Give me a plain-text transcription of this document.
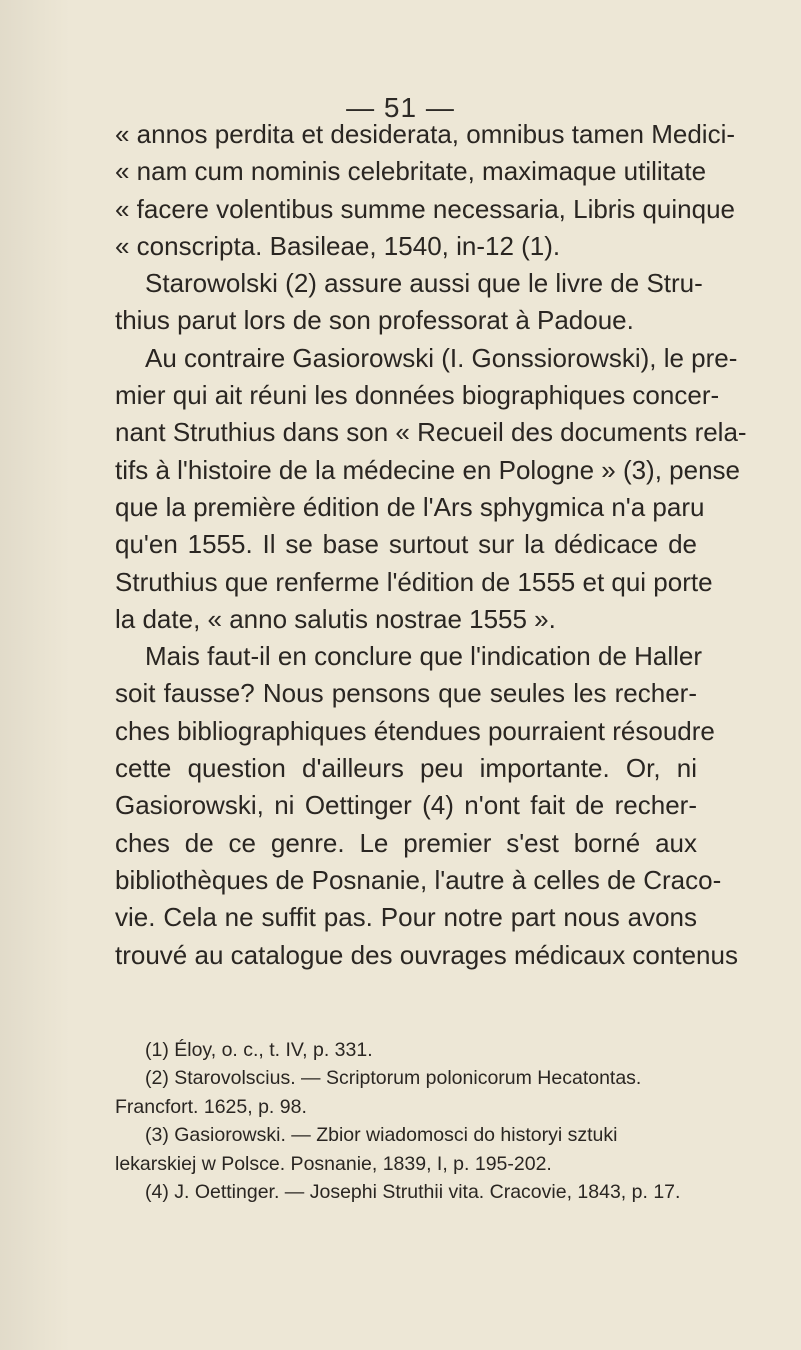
— 51 —
« annos perdita et desiderata, omnibus tamen Medici-
« nam cum nominis celebritate, maximaque utilitate
« facere volentibus summe necessaria, Libris quinque
« conscripta. Basileae, 1540, in-12 (1).
Starowolski (2) assure aussi que le livre de Stru-
thius parut lors de son professorat à Padoue.
Au contraire Gasiorowski (I. Gonssiorowski), le pre-
mier qui ait réuni les données biographiques concer-
nant Struthius dans son « Recueil des documents rela-
tifs à l'histoire de la médecine en Pologne » (3), pense
que la première édition de l'Ars sphygmica n'a paru
qu'en 1555. Il se base surtout sur la dédicace de
Struthius que renferme l'édition de 1555 et qui porte
la date, « anno salutis nostrae 1555 ».
Mais faut-il en conclure que l'indication de Haller
soit fausse? Nous pensons que seules les recher-
ches bibliographiques étendues pourraient résoudre
cette question d'ailleurs peu importante. Or, ni
Gasiorowski, ni Oettinger (4) n'ont fait de recher-
ches de ce genre. Le premier s'est borné aux
bibliothèques de Posnanie, l'autre à celles de Craco-
vie. Cela ne suffit pas. Pour notre part nous avons
trouvé au catalogue des ouvrages médicaux contenus
(1) Éloy, o. c., t. IV, p. 331.
(2) Starovolscius. — Scriptorum polonicorum Hecatontas.
Francfort. 1625, p. 98.
(3) Gasiorowski. — Zbior wiadomosci do historyi sztuki
lekarskiej w Polsce. Posnanie, 1839, I, p. 195-202.
(4) J. Oettinger. — Josephi Struthii vita. Cracovie, 1843, p. 17.
